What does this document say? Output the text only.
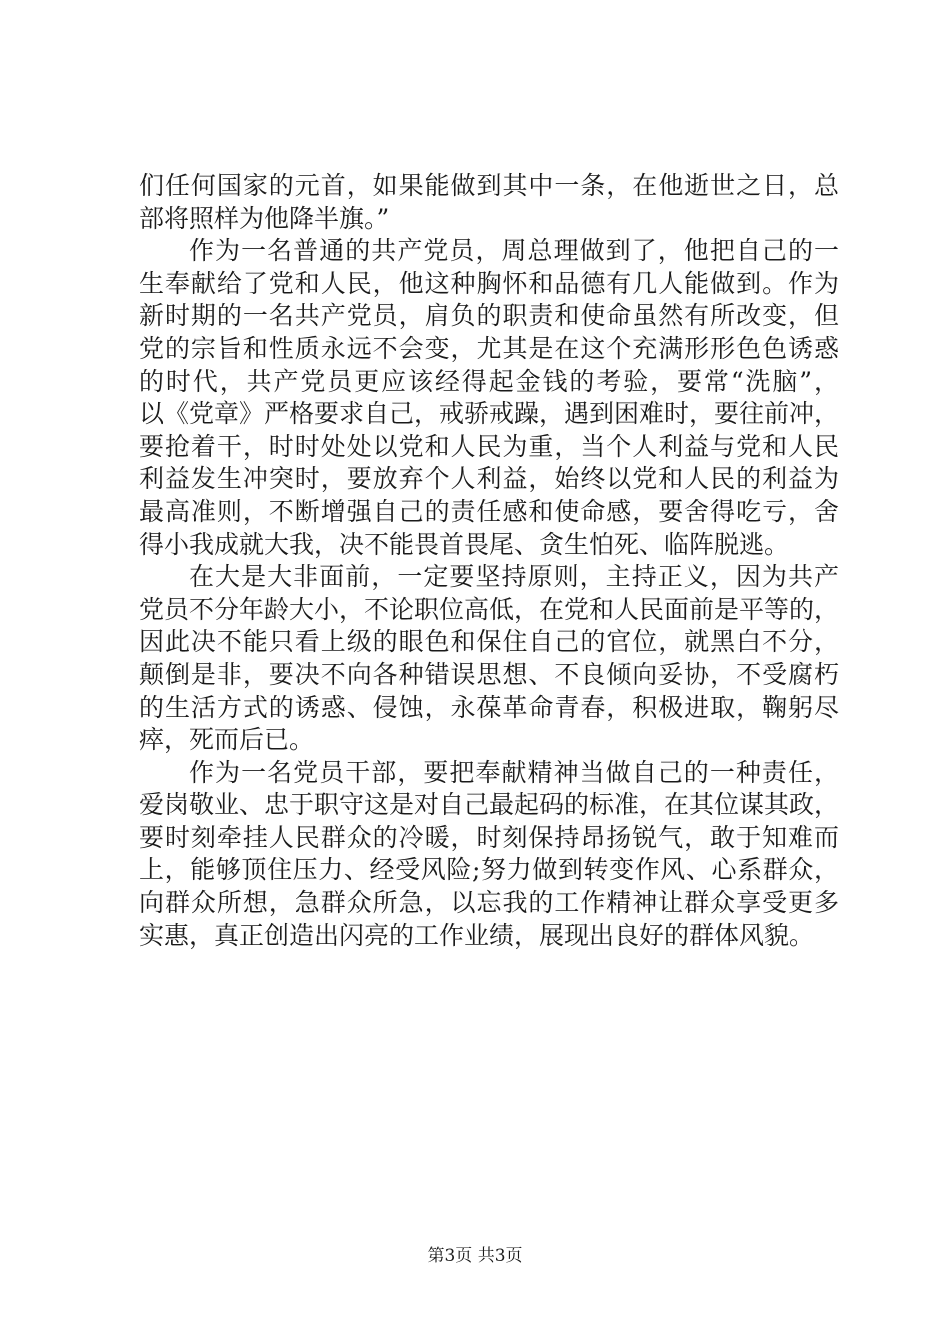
们任何国家的元首，如果能做到其中一条，在他逝世之日，总
部将照样为他降半旗。”
作为一名普通的共产党员，周总理做到了，他把自己的一
生奉献给了党和人民，他这种胸怀和品德有几人能做到。作为
新时期的一名共产党员，肩负的职责和使命虽然有所改变，但
党的宗旨和性质永远不会变，尤其是在这个充满形形色色诱惑
的时代，共产党员更应该经得起金钱的考验，要常“洗脑”，
以《党章》严格要求自己，戒骄戒躁，遇到困难时，要往前冲，
要抢着干，时时处处以党和人民为重，当个人利益与党和人民
利益发生冲突时，要放弃个人利益，始终以党和人民的利益为
最高准则，不断增强自己的责任感和使命感，要舍得吃亏，舍
得小我成就大我，决不能畏首畏尾、贪生怕死、临阵脱逃。
在大是大非面前，一定要坚持原则，主持正义，因为共产
党员不分年龄大小，不论职位高低，在党和人民面前是平等的，
因此决不能只看上级的眼色和保住自己的官位，就黑白不分，
颠倒是非，要决不向各种错误思想、不良倾向妥协，不受腐朽
的生活方式的诱惑、侵蚀，永葆革命青春，积极进取，鞠躬尽
瘁，死而后已。
作为一名党员干部，要把奉献精神当做自己的一种责任，
爱岗敬业、忠于职守这是对自己最起码的标准，在其位谋其政，
要时刻牵挂人民群众的冷暖，时刻保持昂扬锐气，敢于知难而
上，能够顶住压力、经受风险;努力做到转变作风、心系群众，
向群众所想，急群众所急，以忘我的工作精神让群众享受更多
实惠，真正创造出闪亮的工作业绩，展现出良好的群体风貌。
第3页 共3页
